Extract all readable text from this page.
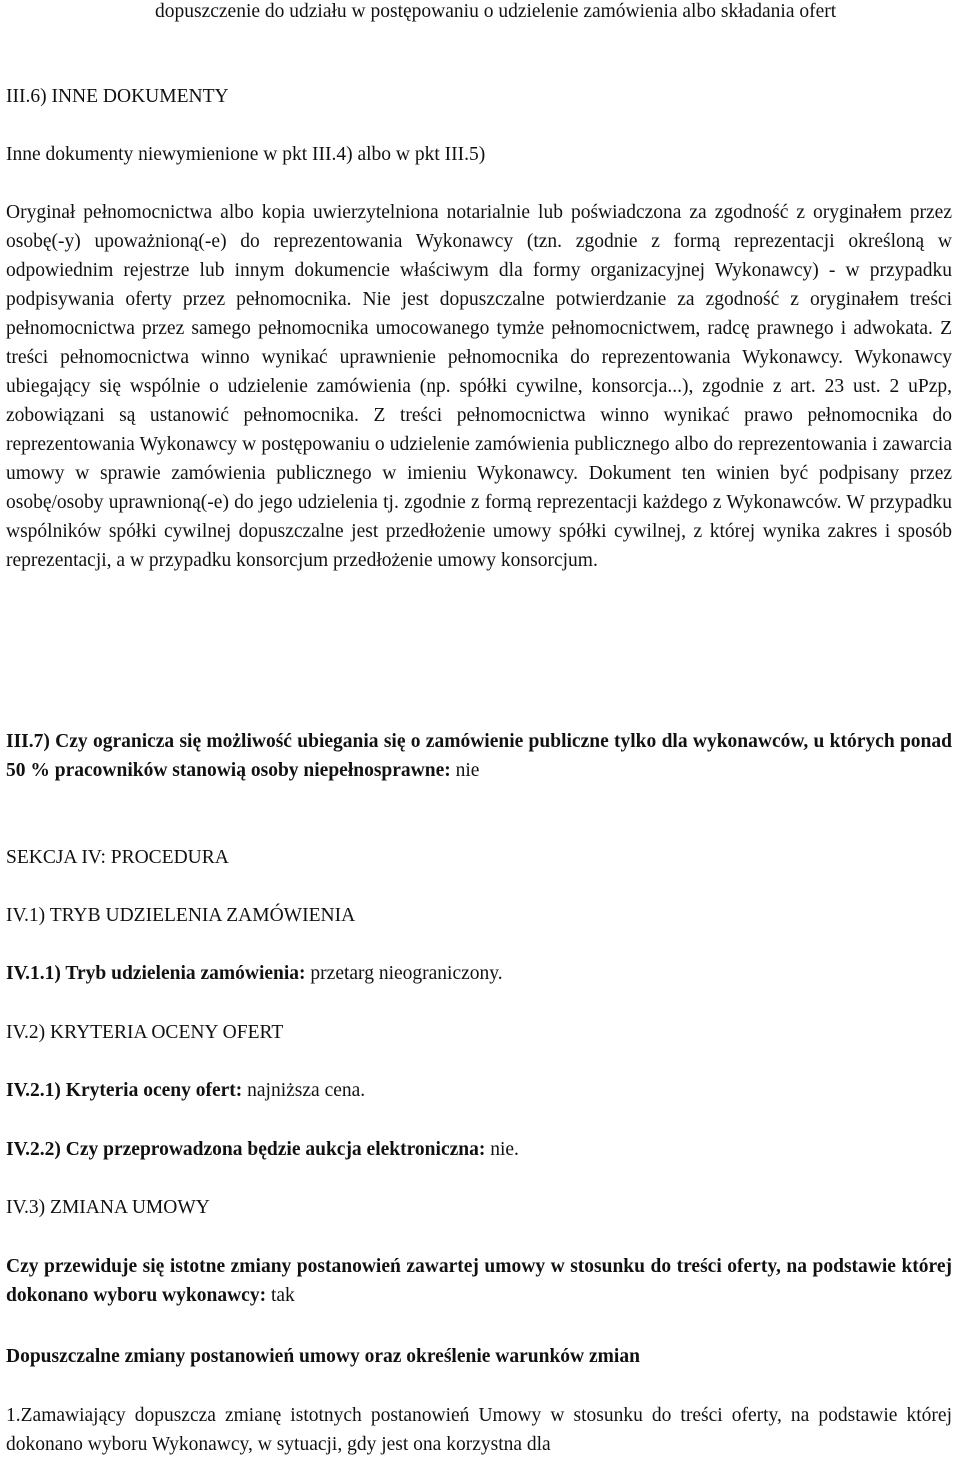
dopuszczenie do udziału w postępowaniu o udzielenie zamówienia albo składania ofert

III.6) INNE DOKUMENTY

Inne dokumenty niewymienione w pkt III.4) albo w pkt III.5)

Oryginał pełnomocnictwa albo kopia uwierzytelniona notarialnie lub poświadczona za zgodność z oryginałem przez osobę(-y) upoważnioną(-e) do reprezentowania Wykonawcy (tzn. zgodnie z formą reprezentacji określoną w odpowiednim rejestrze lub innym dokumencie właściwym dla formy organizacyjnej Wykonawcy) - w przypadku podpisywania oferty przez pełnomocnika. Nie jest dopuszczalne potwierdzanie za zgodność z oryginałem treści pełnomocnictwa przez samego pełnomocnika umocowanego tymże pełnomocnictwem, radcę prawnego i adwokata. Z treści pełnomocnictwa winno wynikać uprawnienie pełnomocnika do reprezentowania Wykonawcy. Wykonawcy ubiegający się wspólnie o udzielenie zamówienia (np. spółki cywilne, konsorcja...), zgodnie z art. 23 ust. 2 uPzp, zobowiązani są ustanowić pełnomocnika. Z treści pełnomocnictwa winno wynikać prawo pełnomocnika do reprezentowania Wykonawcy w postępowaniu o udzielenie zamówienia publicznego albo do reprezentowania i zawarcia umowy w sprawie zamówienia publicznego w imieniu Wykonawcy. Dokument ten winien być podpisany przez osobę/osoby uprawnioną(-e) do jego udzielenia tj. zgodnie z formą reprezentacji każdego z Wykonawców. W przypadku wspólników spółki cywilnej dopuszczalne jest przedłożenie umowy spółki cywilnej, z której wynika zakres i sposób reprezentacji, a w przypadku konsorcjum przedłożenie umowy konsorcjum.

III.7) Czy ogranicza się możliwość ubiegania się o zamówienie publiczne tylko dla wykonawców, u których ponad 50 % pracowników stanowią osoby niepełnosprawne: nie

SEKCJA IV: PROCEDURA

IV.1) TRYB UDZIELENIA ZAMÓWIENIA

IV.1.1) Tryb udzielenia zamówienia: przetarg nieograniczony.

IV.2) KRYTERIA OCENY OFERT

IV.2.1) Kryteria oceny ofert: najniższa cena.

IV.2.2) Czy przeprowadzona będzie aukcja elektroniczna: nie.

IV.3) ZMIANA UMOWY

Czy przewiduje się istotne zmiany postanowień zawartej umowy w stosunku do treści oferty, na podstawie której dokonano wyboru wykonawcy: tak

Dopuszczalne zmiany postanowień umowy oraz określenie warunków zmian

1.Zamawiający dopuszcza zmianę istotnych postanowień Umowy w stosunku do treści oferty, na podstawie której dokonano wyboru Wykonawcy, w sytuacji, gdy jest ona korzystna dla
